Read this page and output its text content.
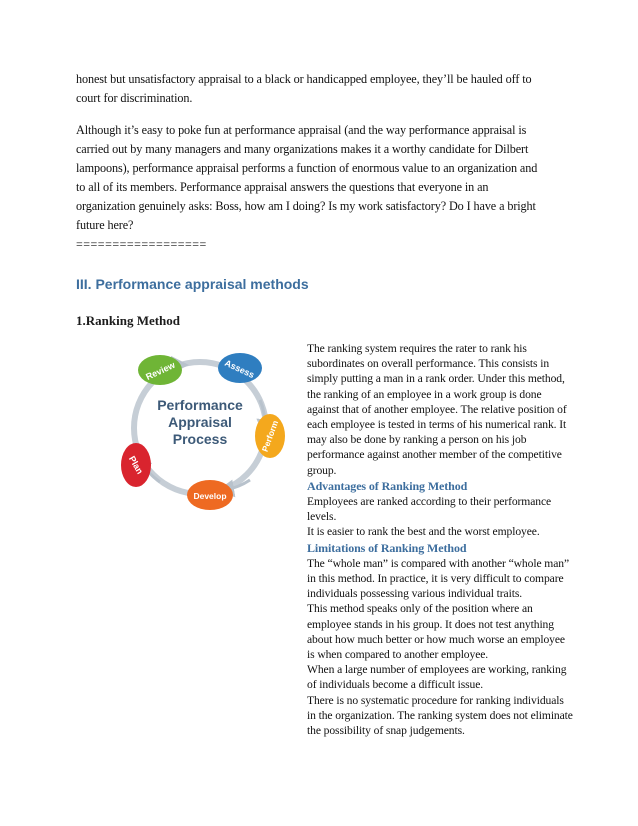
honest but unsatisfactory appraisal to a black or handicapped employee, they’ll be hauled off to
court for discrimination.
Although it’s easy to poke fun at performance appraisal (and the way performance appraisal is
carried out by many managers and many organizations makes it a worthy candidate for Dilbert
lampoons), performance appraisal performs a function of enormous value to an organization and
to all of its members. Performance appraisal answers the questions that everyone in an
organization genuinely asks: Boss, how am I doing? Is my work satisfactory? Do I have a bright
future here?
==================
III. Performance appraisal methods
1.Ranking Method
Review	Assess
Perform
Develop
Plan
Performance
Appraisal
Process
The ranking system requires the rater to rank his
subordinates on overall performance. This consists in
simply putting a man in a rank order. Under this method,
the ranking of an employee in a work group is done
against that of another employee. The relative position of
each employee is tested in terms of his numerical rank. It
may also be done by ranking a person on his job
performance against another member of the competitive
group.
Advantages of Ranking Method
Employees are ranked according to their performance
levels.
It is easier to rank the best and the worst employee.
Limitations of Ranking Method
The “whole man” is compared with another “whole man”
in this method. In practice, it is very difficult to compare
individuals possessing various individual traits.
This method speaks only of the position where an
employee stands in his group. It does not test anything
about how much better or how much worse an employee
is when compared to another employee.
When a large number of employees are working, ranking
of individuals become a difficult issue.
There is no systematic procedure for ranking individuals
in the organization. The ranking system does not eliminate
the possibility of snap judgements.
